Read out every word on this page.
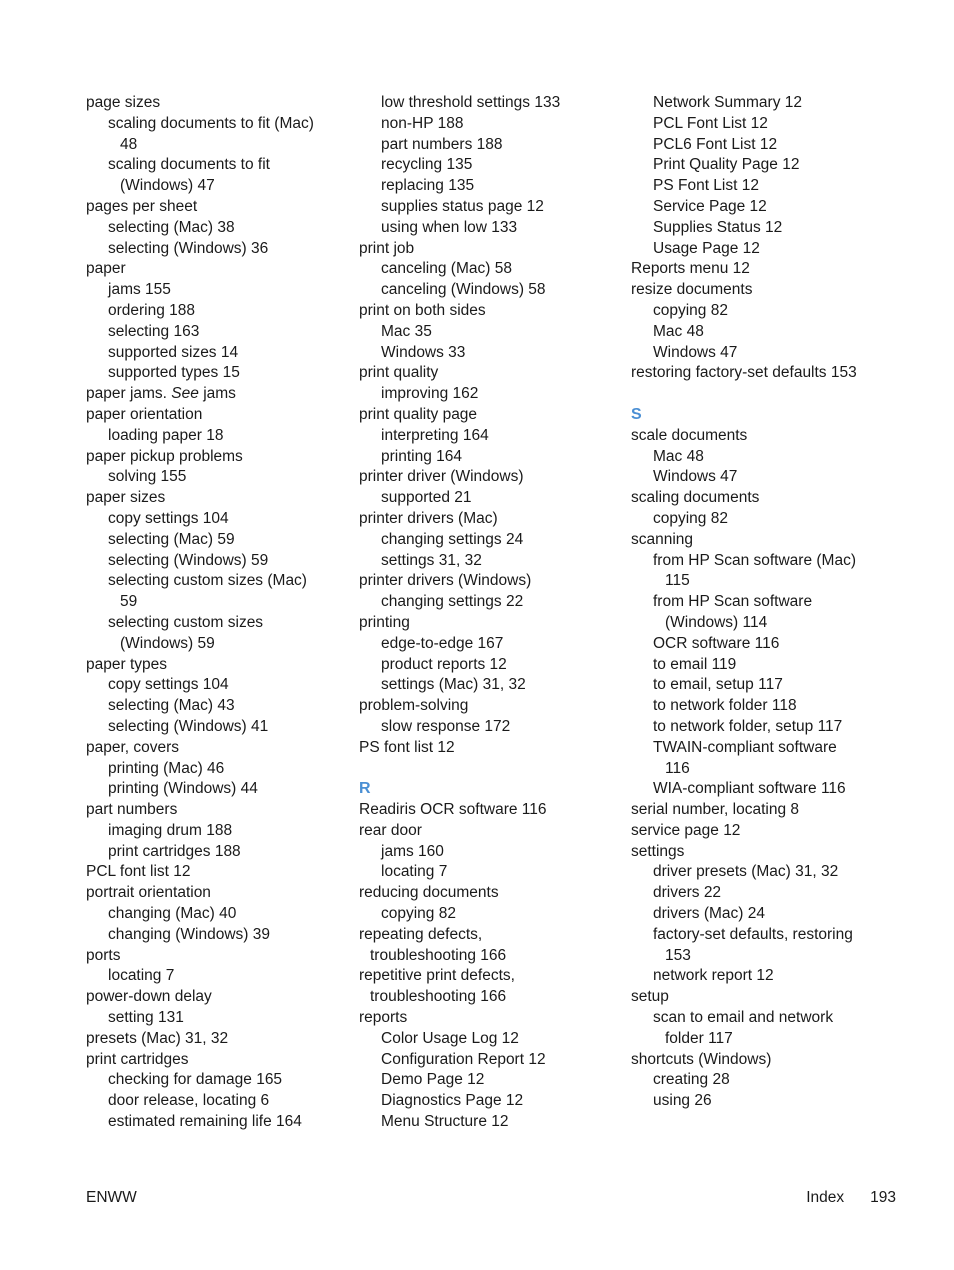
page sizes
scaling documents to fit (Mac)
48
scaling documents to fit
(Windows) 47
pages per sheet
selecting (Mac) 38
selecting (Windows) 36
paper
jams 155
ordering 188
selecting 163
supported sizes 14
supported types 15
paper jams. See jams
paper orientation
loading paper 18
paper pickup problems
solving 155
paper sizes
copy settings 104
selecting (Mac) 59
selecting (Windows) 59
selecting custom sizes (Mac)
59
selecting custom sizes
(Windows) 59
paper types
copy settings 104
selecting (Mac) 43
selecting (Windows) 41
paper, covers
printing (Mac) 46
printing (Windows) 44
part numbers
imaging drum 188
print cartridges 188
PCL font list 12
portrait orientation
changing (Mac) 40
changing (Windows) 39
ports
locating 7
power-down delay
setting 131
presets (Mac) 31, 32
print cartridges
checking for damage 165
door release, locating 6
estimated remaining life 164
low threshold settings 133
non-HP 188
part numbers 188
recycling 135
replacing 135
supplies status page 12
using when low 133
print job
canceling (Mac) 58
canceling (Windows) 58
print on both sides
Mac 35
Windows 33
print quality
improving 162
print quality page
interpreting 164
printing 164
printer driver (Windows)
supported 21
printer drivers (Mac)
changing settings 24
settings 31, 32
printer drivers (Windows)
changing settings 22
printing
edge-to-edge 167
product reports 12
settings (Mac) 31, 32
problem-solving
slow response 172
PS font list 12
R
Readiris OCR software 116
rear door
jams 160
locating 7
reducing documents
copying 82
repeating defects,
troubleshooting 166
repetitive print defects,
troubleshooting 166
reports
Color Usage Log 12
Configuration Report 12
Demo Page 12
Diagnostics Page 12
Menu Structure 12
Network Summary 12
PCL Font List 12
PCL6 Font List 12
Print Quality Page 12
PS Font List 12
Service Page 12
Supplies Status 12
Usage Page 12
Reports menu 12
resize documents
copying 82
Mac 48
Windows 47
restoring factory-set defaults 153
S
scale documents
Mac 48
Windows 47
scaling documents
copying 82
scanning
from HP Scan software (Mac)
115
from HP Scan software
(Windows) 114
OCR software 116
to email 119
to email, setup 117
to network folder 118
to network folder, setup 117
TWAIN-compliant software
116
WIA-compliant software 116
serial number, locating 8
service page 12
settings
driver presets (Mac) 31, 32
drivers 22
drivers (Mac) 24
factory-set defaults, restoring
153
network report 12
setup
scan to email and network
folder 117
shortcuts (Windows)
creating 28
using 26
ENWW	Index 193
